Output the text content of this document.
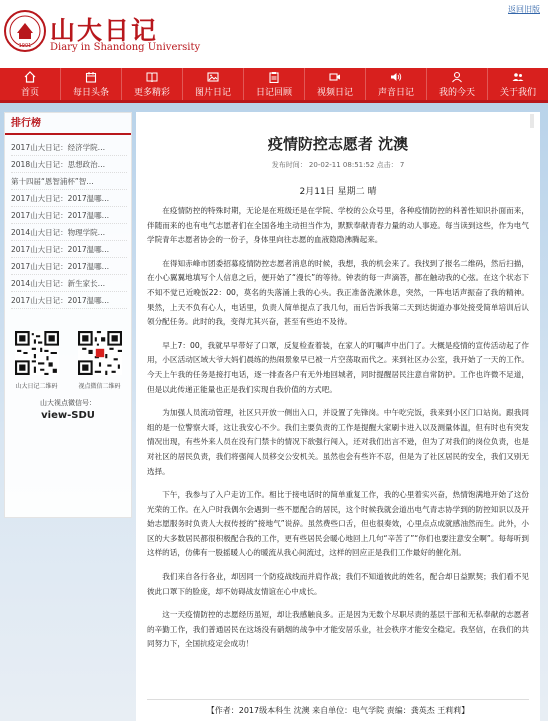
返回旧版
1901
山大日记
Diary in Shandong University
首页	每日头条	更多精彩	图片日记	日记回顾	视频日记	声音日记	我的今天	关于我们
排行榜
2017山大日记：经济学院…
2018山大日记：思想政治…
第十四届“恩智浦杯”智…
2017山大日记：2017温哪…
2017山大日记：2017温哪…
2014山大日记：物理学院…
2017山大日记：2017温哪…
2017山大日记：2017温哪…
2014山大日记：新生家长…
2017山大日记：2017温哪…
山大日记二维码	视点微信二维码
山大视点微信号：
view-SDU
疫情防控志愿者 沈澳
发布时间： 20-02-11 08:51:52 点击： 7
2月11日 星期二 晴

在疫情防控的特殊时期，无论是在班级还是在学院、学校的公众号里，各种疫情防控的科普性知识扑面而来，伴随而来的也有电气志愿者们在全国各地主动担当作为，默默奉献青春力量的动人事迹。每当读到这些，作为电气学院青年志愿者协会的一份子，身体里向往志愿的血液隐隐沸腾起来。

在得知赤峰市团委招募疫情防控志愿者消息的时候，我想，我的机会来了。我找到了报名二维码，然后扫描，在小心翼翼地填写个人信息之后，便开始了“漫长”的等待。钟表的每一声滴答，都在触动我的心弦。在这个状态下不知不觉已近晚饭22：00，莫名的失落涌上我的心头。我正准备洗漱休息，突然，一阵电话声振奋了我的精神。果然，上天不负有心人，电话里，负责人简单提点了我几句，而后告诉我第二天到达街道办事处接受简单培训后认领分配任务。此时的我，变得尤其兴奋，甚至有些迫不及待。

早上7：00，我就早早带好了口罩，反复检查着装，在家人的叮嘱声中出门了。大概是疫情的宣传活动起了作用，小区活动区域大爷大妈们晨练的热闹景象早已被一片空荡取而代之。来到社区办公室，我开始了一天的工作。今天上午我的任务是接打电话，逐一排查各户有无外地回城者，同时提醒居民注意自常防护。工作也许微不足道，但是以此传递正能量也正是我们实现自我价值的方式吧。

为加强人员流动管理，社区只开放一侧出入口，并设置了先锋岗。中午吃完饭，我来到小区门口站岗。跟我同组的是一位警察大哥，这让我安心不少。我们主要负责的工作是提醒大家刷卡进入以及测量体温，但有时也有突发情况出现，有些外来人员在没有门禁卡的情况下欲强行闯入，还对我们出言不逊，但为了对我们的岗位负责，也是对社区的居民负责，我们将强闯人员移交公安机关。虽然也会有些许不忍，但是为了社区居民的安全，我们又别无选择。

下午，我参与了入户走访工作。相比于接电话时的简单重复工作，我的心里着实兴奋，热情饱满地开始了这份光荣的工作。在入户时我偶尔会遇到一些不愿配合的居民，这个时候我就会道出电气青志协学到的防控知识以及开始志愿服务时负责人大叔传授的“接地气”说辞。虽然费些口舌，但也很奏效，心里点点成就感油然而生。此外，小区的大多数居民都很积极配合我的工作，更有些居民会暖心地回上几句“辛苦了”“你们也要注意安全啊”。每每听到这样的话，仿佛有一股摇暖人心的暖流从我心间流过，这样的回应正是我们工作最好的催化剂。

我们来自各行各业，却因同一个防疫战线而并肩作战；我们不知道彼此的姓名，配合却日益默契；我们看不见彼此口罩下的脸庞，却不妨碍战友情谊在心中成长。

这一天疫情防控的志愿经历虽短，却让我感触良多。正是因为无数个尽职尽责的基层干部和无私奉献的志愿者的辛勤工作，我们普通居民在这场没有硝烟的战争中才能安居乐业，社会秩序才能安全稳定。我坚信，在我们的共同努力下，全国抗疫定会成功！

【作者：2017级本科生 沈澳 来自单位：电气学院 责编：龚英杰 王莉莉】
